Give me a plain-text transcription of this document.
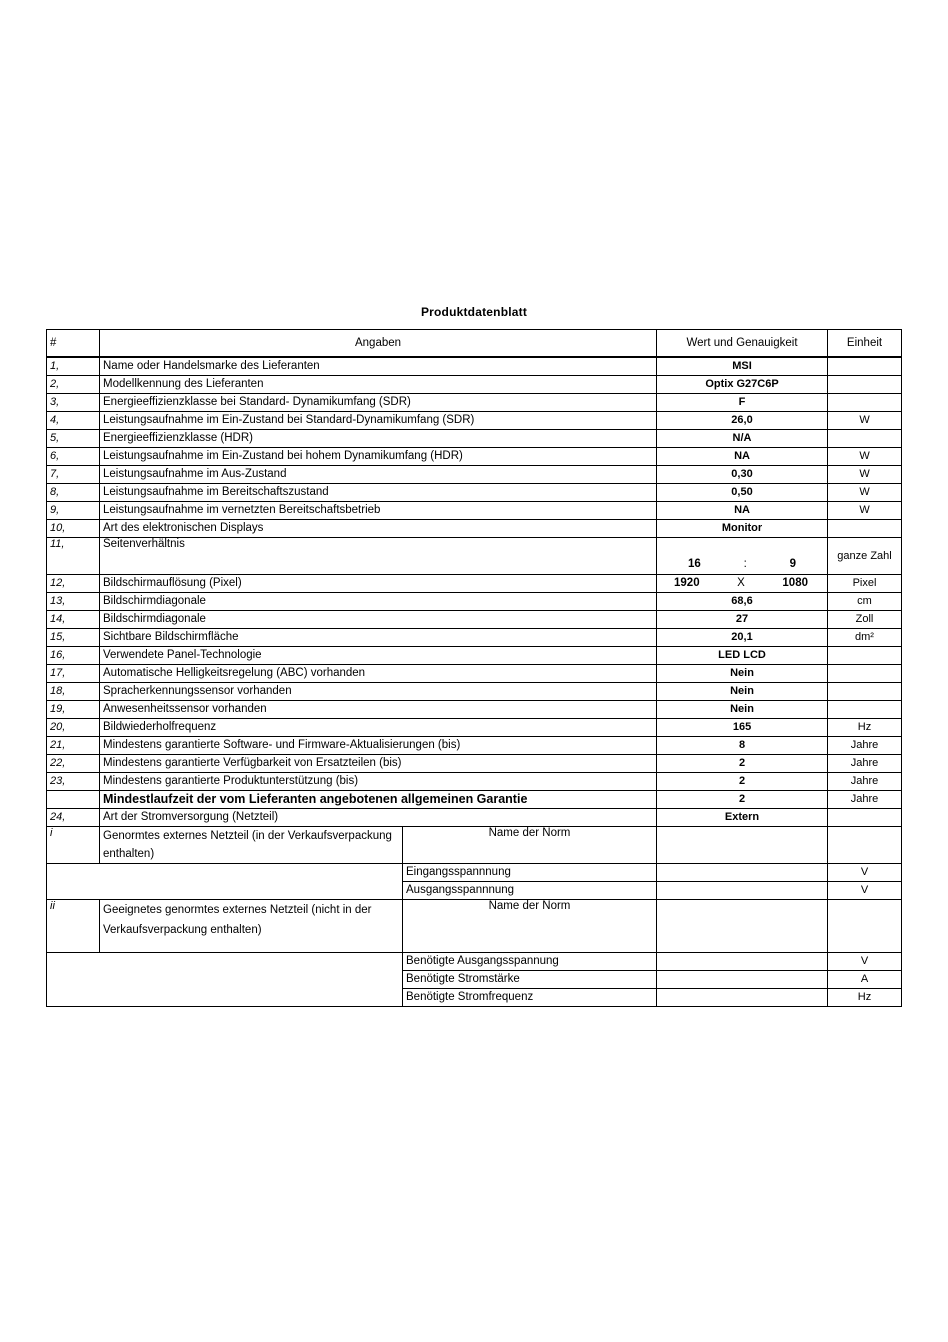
Produktdatenblatt
#	Angaben		Wert und Genauigkeit	Einheit
1,	Name oder Handelsmarke des Lieferanten		MSI	
2,	Modellkennung des Lieferanten		Optix G27C6P	
3,	Energieeffizienzklasse bei Standard- Dynamikumfang (SDR)		F	
4,	Leistungsaufnahme im Ein-Zustand bei Standard-Dynamikumfang (SDR)		26,0	W
5,	Energieeffizienzklasse (HDR)		N/A	
6,	Leistungsaufnahme im Ein-Zustand bei hohem Dynamikumfang (HDR)		NA	W
7,	Leistungsaufnahme im Aus-Zustand		0,30	W
8,	Leistungsaufnahme im Bereitschaftszustand		0,50	W
9,	Leistungsaufnahme im vernetzten Bereitschaftsbetrieb		NA	W
10,	Art des elektronischen Displays		Monitor	
11,	Seitenverhältnis		16 : 9	ganze Zahl
12,	Bildschirmauflösung (Pixel)		1920 X 1080	Pixel
13,	Bildschirmdiagonale		68,6	cm
14,	Bildschirmdiagonale		27	Zoll
15,	Sichtbare Bildschirmfläche		20,1	dm²
16,	Verwendete Panel-Technologie		LED LCD	
17,	Automatische Helligkeitsregelung (ABC) vorhanden		Nein	
18,	Spracherkennungssensor vorhanden		Nein	
19,	Anwesenheitssensor vorhanden		Nein	
20,	Bildwiederholfrequenz		165	Hz
21,	Mindestens garantierte Software- und Firmware-Aktualisierungen (bis)		8	Jahre
22,	Mindestens garantierte Verfügbarkeit von Ersatzteilen (bis)		2	Jahre
23,	Mindestens garantierte Produktunterstützung (bis)		2	Jahre
	Mindestlaufzeit der vom Lieferanten angebotenen allgemeinen Garantie		2	Jahre
24,	Art der Stromversorgung (Netzteil)		Extern	
i	Genormtes externes Netzteil (in der Verkaufsverpackung enthalten)	Name der Norm		
		Eingangsspannnung		V
		Ausgangsspannnung		V
ii	Geeignetes genormtes externes Netzteil (nicht in der Verkaufsverpackung enthalten)	Name der Norm		
		Benötigte Ausgangsspannung		V
		Benötigte Stromstärke		A
		Benötigte Stromfrequenz		Hz
